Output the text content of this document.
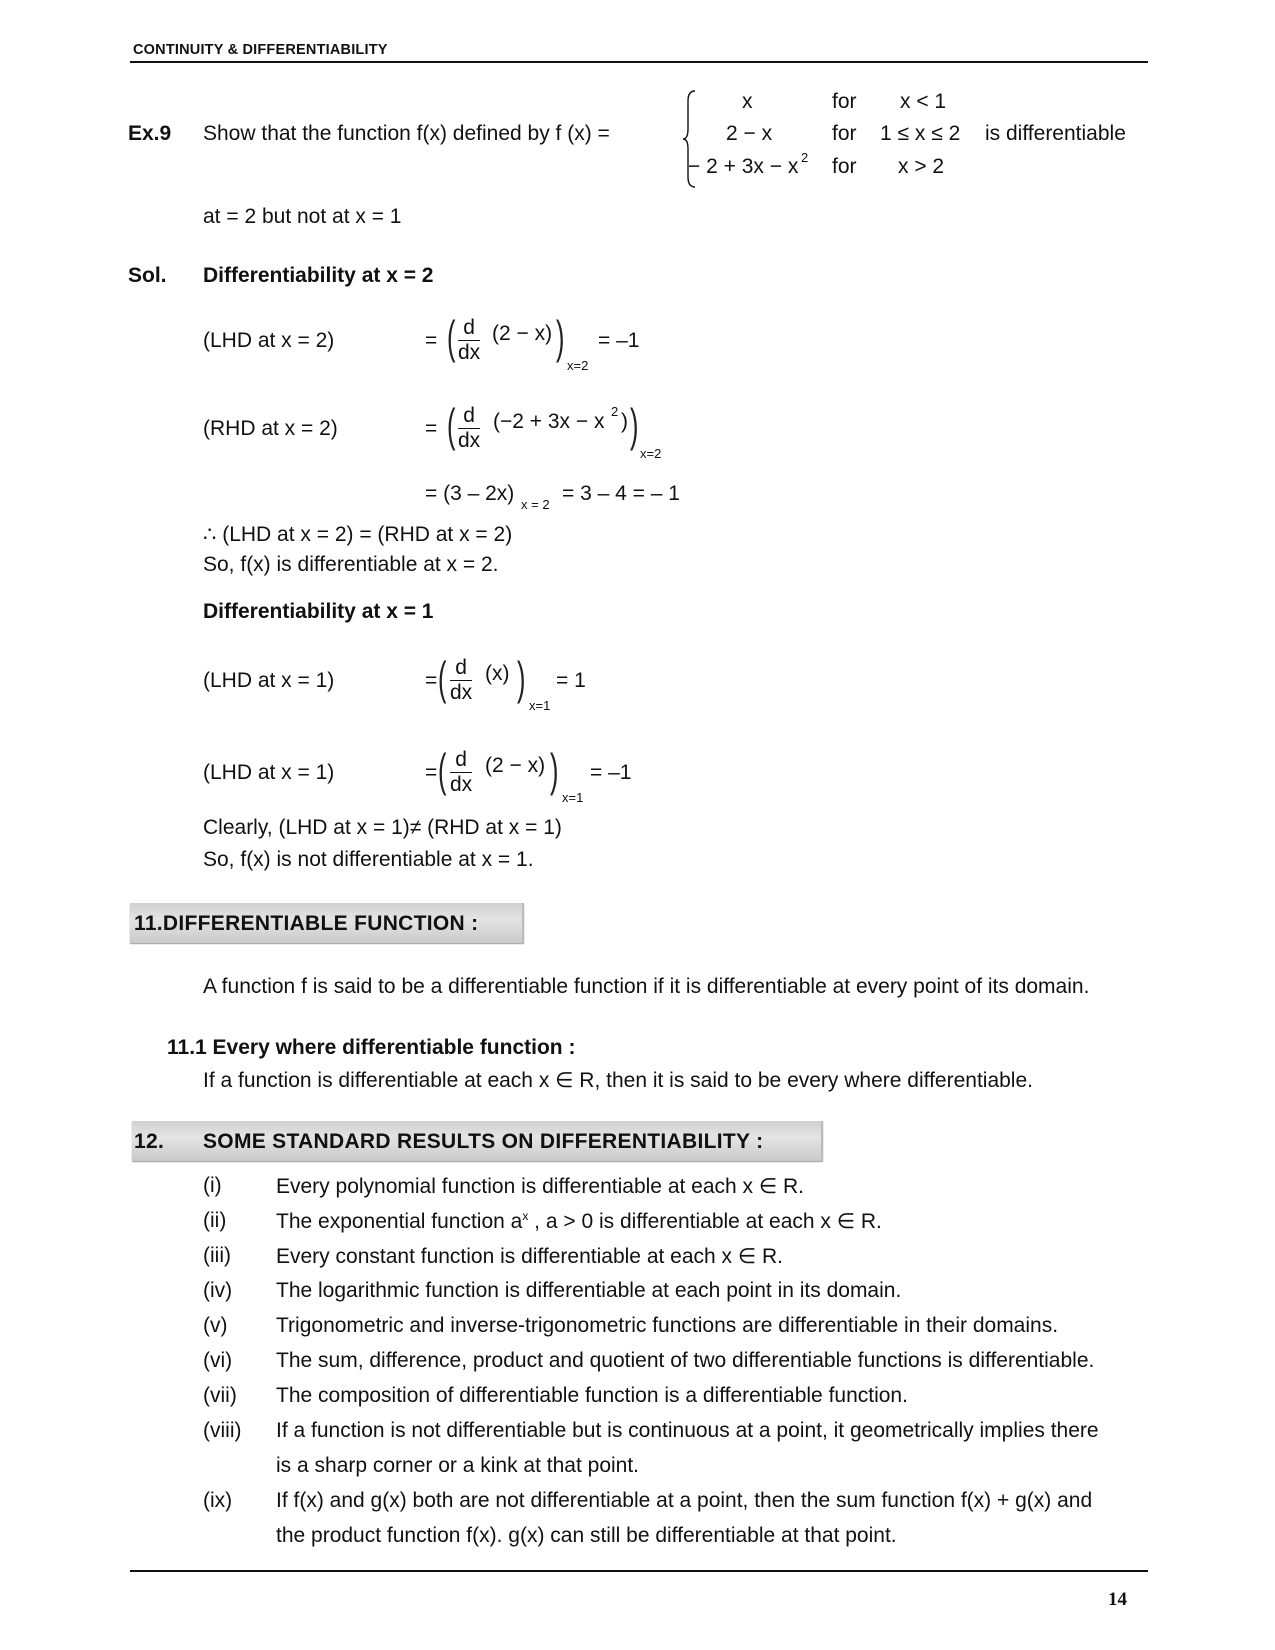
CONTINUITY & DIFFERENTIABILITY
Ex.9 Show that the function f(x) defined by f (x) =
x	for x < 1
2 − x	for 1 ≤ x ≤ 2
− 2 + 3x − x 2 for x > 2
is differentiable
at = 2 but not at x = 1
Sol. Differentiability at x = 2
(LHD at x = 2)	= ( $\frac{d}{dx} (2 - x)$ )
x=2
= –1
(RHD at x = 2)	= ( $\frac{d}{dx} (-2 + 3x - x$ 2 ) )
x=2
= (3 – 2x) x = 2 = 3 – 4 = – 1
∴ (LHD at x = 2) = (RHD at x = 2)
So, f(x) is differentiable at x = 2.
Differentiability at x = 1
(LHD at x = 1)	= ( $\frac{d}{dx} (x)$ )
x=1
= 1
(LHD at x = 1)	= ( $\frac{d}{dx} (2 - x)$ )
x=1
= –1
Clearly, (LHD at x = 1)≠ (RHD at x = 1)
So, f(x) is not differentiable at x = 1.
11.DIFFERENTIABLE FUNCTION :
A function f is said to be a differentiable function if it is differentiable at every point of its domain.
11.1 Every where differentiable function :
If a function is differentiable at each x ∈ R, then it is said to be every where differentiable.
12. SOME STANDARD RESULTS ON DIFFERENTIABILITY :
(i)	Every polynomial function is differentiable at each x ∈ R.
(ii) The exponential function $a^x$ , a > 0 is differentiable at each x ∈ R.
(iii) Every constant function is differentiable at each x ∈ R.
(iv) The logarithmic function is differentiable at each point in its domain.
(v) Trigonometric and inverse-trigonometric functions are differentiable in their domains.
(vi) The sum, difference, product and quotient of two differentiable functions is differentiable.
(vii) The composition of differentiable function is a differentiable function.
(viii) If a function is not differentiable but is continuous at a point, it geometrically implies there
is a sharp corner or a kink at that point.
(ix) If f(x) and g(x) both are not differentiable at a point, then the sum function f(x) + g(x) and
the product function f(x). g(x) can still be differentiable at that point.
14
